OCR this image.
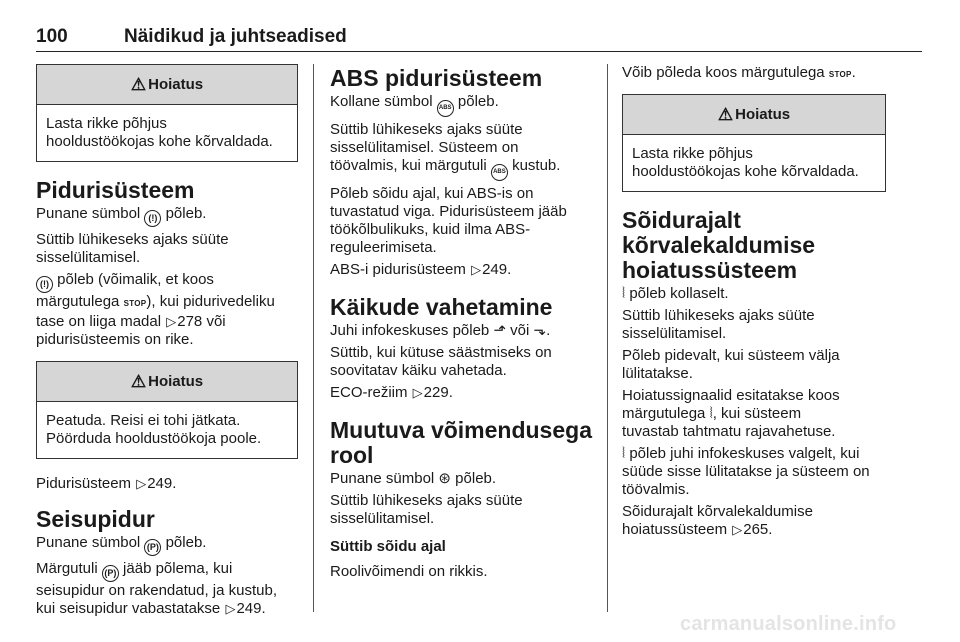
100	Näidikud ja juhtseadised
⚠ Hoiatus
Lasta rikke põhjus
hooldustöökojas kohe kõrvaldada.
Pidurisüsteem

Punane sümbol (!) põleb.

Süttib lühikeseks ajaks süüte
sisselülitamisel.

(!) põleb (võimalik, et koos
märgutulega STOP), kui pidurivedeliku
tase on liiga madal ▷278 või
pidurisüsteemis on rike.

⚠ Hoiatus
Peatuda. Reisi ei tohi jätkata.
Pöörduda hooldustöökoja poole.

Pidurisüsteem ▷249.

Seisupidur

Punane sümbol (P) põleb.

Märgutuli (P) jääb põlema, kui
seisupidur on rakendatud, ja kustub,
kui seisupidur vabastatakse ▷249.

ABS pidurisüsteem

Kollane sümbol ABS põleb.

Süttib lühikeseks ajaks süüte
sisselülitamisel. Süsteem on
töövalmis, kui märgutuli ABS kustub.

Põleb sõidu ajal, kui ABS-is on
tuvastatud viga. Pidurisüsteem jääb
töökõlbulikuks, kuid ilma ABS-
reguleerimiseta.

ABS-i pidurisüsteem ▷249.

Käikude vahetamine

Juhi infokeskuses põleb ⬏ või ⬎.

Süttib, kui kütuse säästmiseks on
soovitatav käiku vahetada.

ECO-režiim ▷229.

Muutuva võimendusega
rool

Punane sümbol ⊛ põleb.

Süttib lühikeseks ajaks süüte
sisselülitamisel.

Süttib sõidu ajal

Roolivõimendi on rikkis.

Võib põleda koos märgutulega STOP.

⚠ Hoiatus
Lasta rikke põhjus
hooldustöökojas kohe kõrvaldada.
Sõidurajalt
kõrvalekaldumise
hoiatussüsteem

⦚ põleb kollaselt.

Süttib lühikeseks ajaks süüte
sisselülitamisel.

Põleb pidevalt, kui süsteem välja
lülitatakse.

Hoiatussignaalid esitatakse koos
märgutulega ⦚, kui süsteem
tuvastab tahtmatu rajavahetuse.

⦚ põleb juhi infokeskuses valgelt, kui
süüde sisse lülitatakse ja süsteem on
töövalmis.

Sõidurajalt kõrvalekaldumise
hoiatussüsteem ▷265.

carmanualsonline.info
